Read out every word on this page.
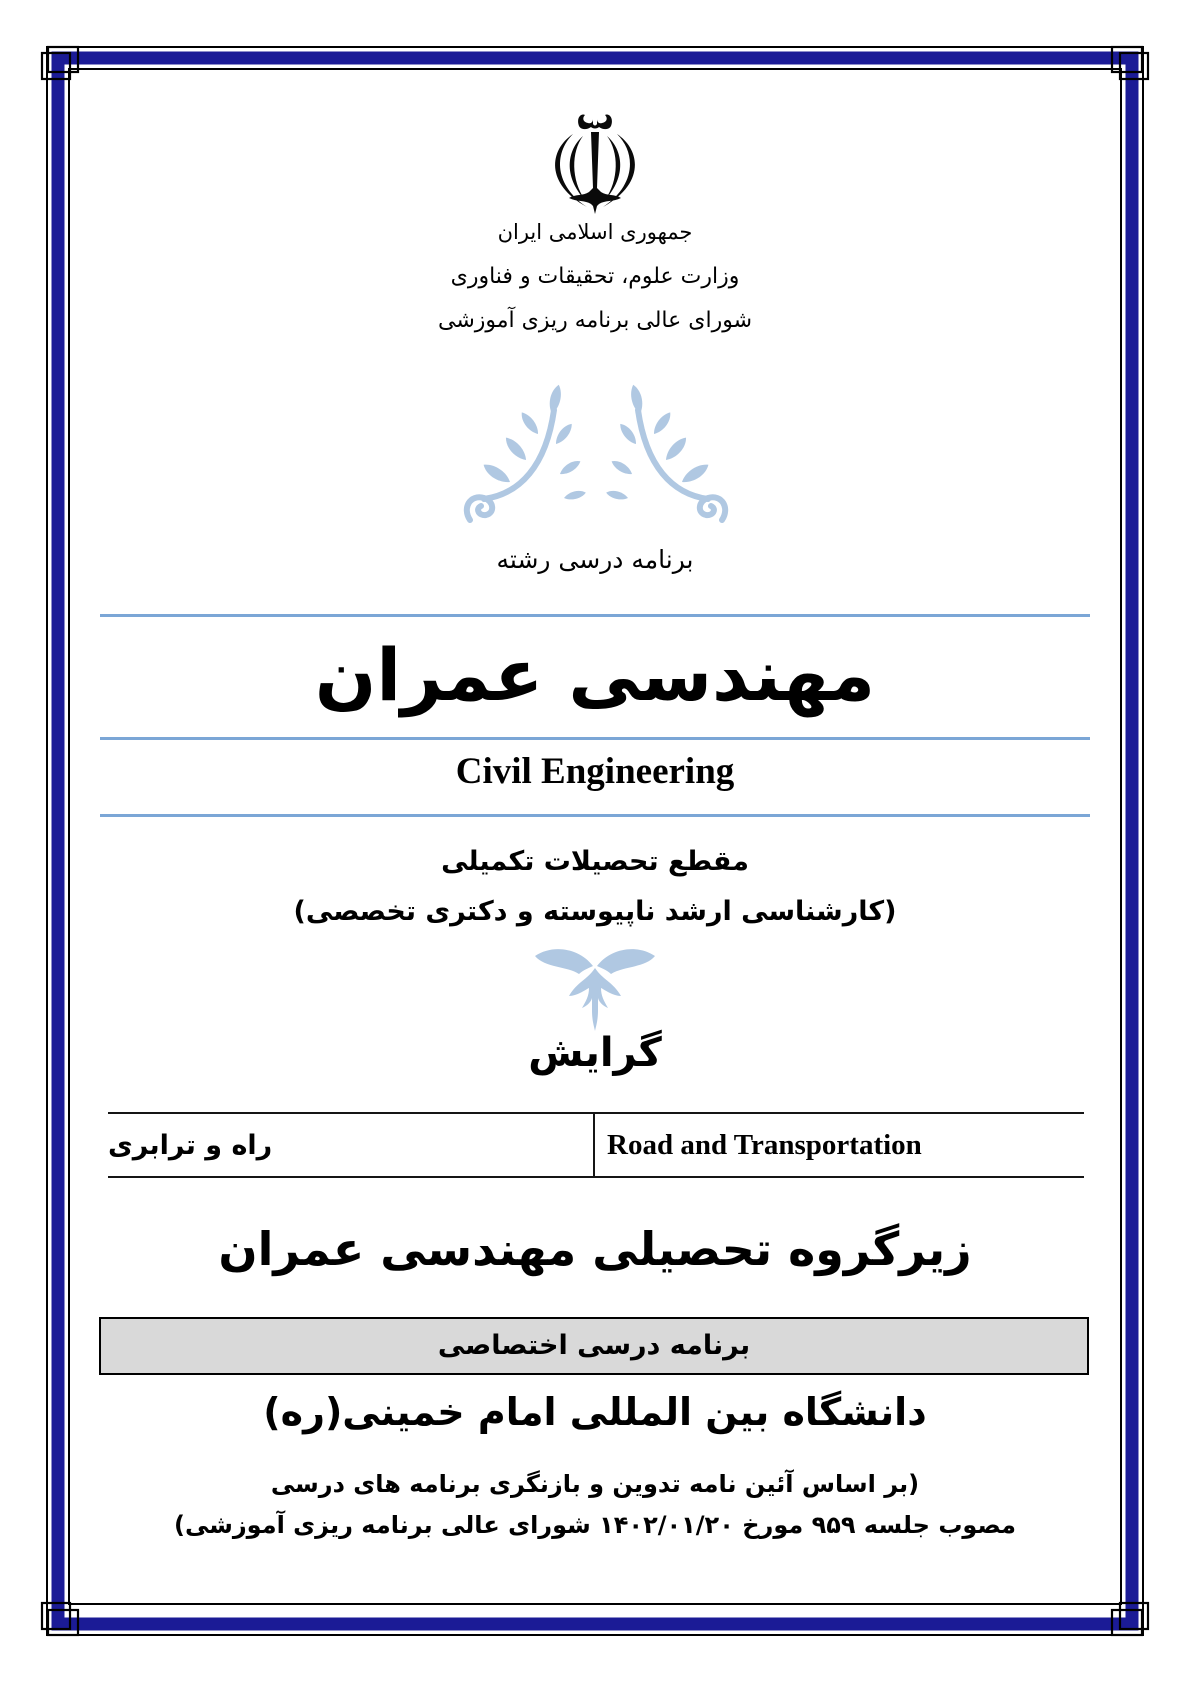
جمهوری اسلامی ایران
وزارت علوم، تحقیقات و فناوری
شورای عالی برنامه ریزی آموزشی
برنامه درسی رشته
مهندسی عمران
Civil Engineering
مقطع تحصیلات تکمیلی
(کارشناسی ارشد ناپیوسته و دکتری تخصصی)
گرایش
راه و ترابری	Road and Transportation
زیرگروه تحصیلی مهندسی عمران
برنامه درسی اختصاصی
دانشگاه بین المللی امام خمینی(ره)
(بر اساس آئین نامه تدوین و بازنگری برنامه های درسی
مصوب جلسه ۹۵۹ مورخ ۱۴۰۲/۰۱/۲۰ شورای عالی برنامه ریزی آموزشی)
